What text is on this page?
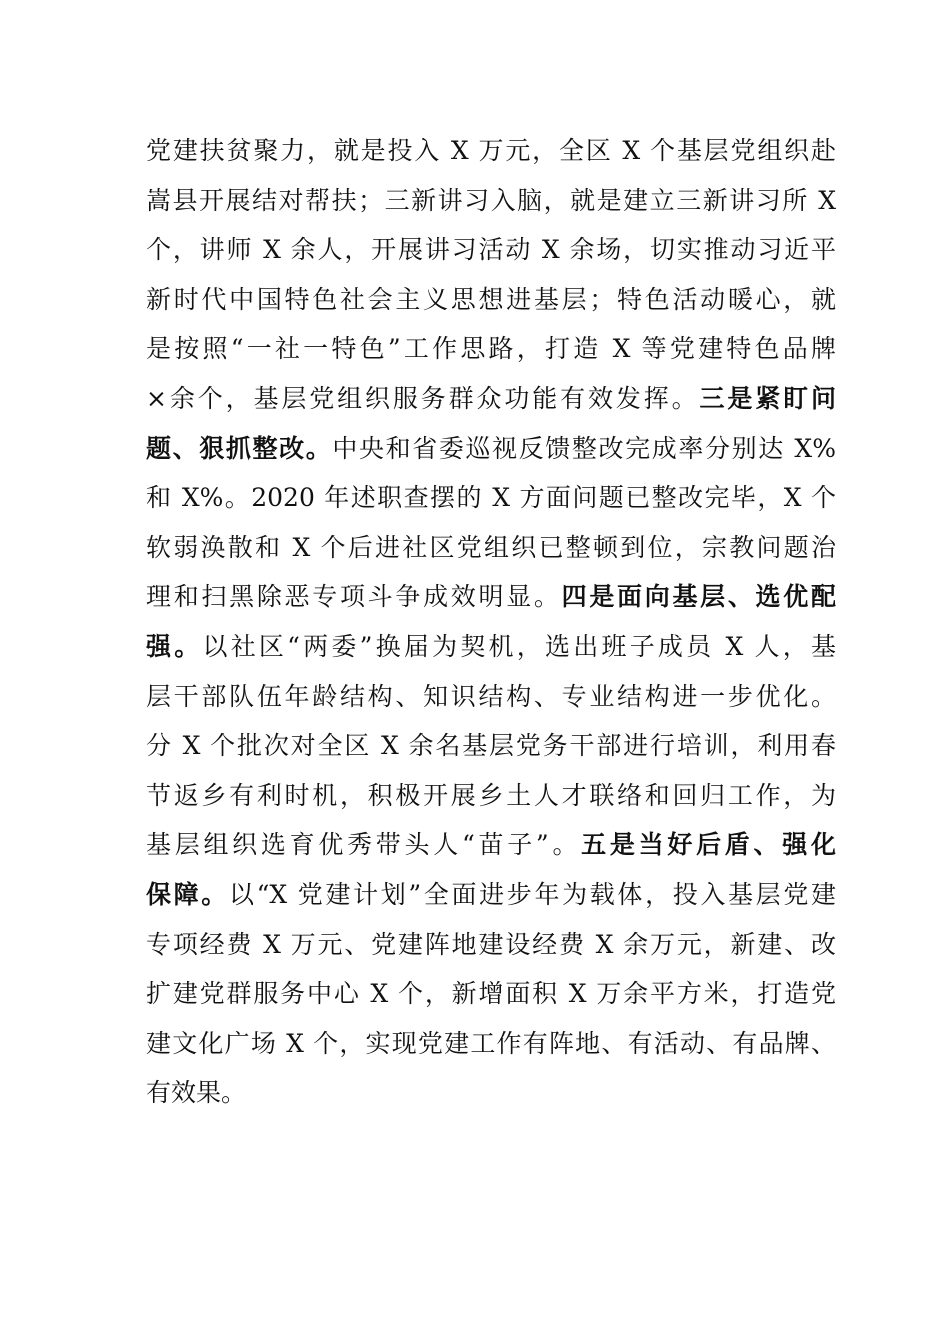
党建扶贫聚力，就是投入 X 万元，全区 X 个基层党组织赴
嵩县开展结对帮扶；三新讲习入脑，就是建立三新讲习所 X
个，讲师 X 余人，开展讲习活动 X 余场，切实推动习近平
新时代中国特色社会主义思想进基层；特色活动暖心，就
是按照“一社一特色”工作思路，打造 X 等党建特色品牌
×余个，基层党组织服务群众功能有效发挥。三是紧盯问
题、狠抓整改。中央和省委巡视反馈整改完成率分别达 X%
和 X%。2020 年述职查摆的 X 方面问题已整改完毕，X 个
软弱涣散和 X 个后进社区党组织已整顿到位，宗教问题治
理和扫黑除恶专项斗争成效明显。四是面向基层、选优配
强。以社区“两委”换届为契机，选出班子成员 X 人，基
层干部队伍年龄结构、知识结构、专业结构进一步优化。
分 X 个批次对全区 X 余名基层党务干部进行培训，利用春
节返乡有利时机，积极开展乡土人才联络和回归工作，为
基层组织选育优秀带头人“苗子”。五是当好后盾、强化
保障。以“X 党建计划”全面进步年为载体，投入基层党建
专项经费 X 万元、党建阵地建设经费 X 余万元，新建、改
扩建党群服务中心 X 个，新增面积 X 万余平方米，打造党
建文化广场 X 个，实现党建工作有阵地、有活动、有品牌、
有效果。
